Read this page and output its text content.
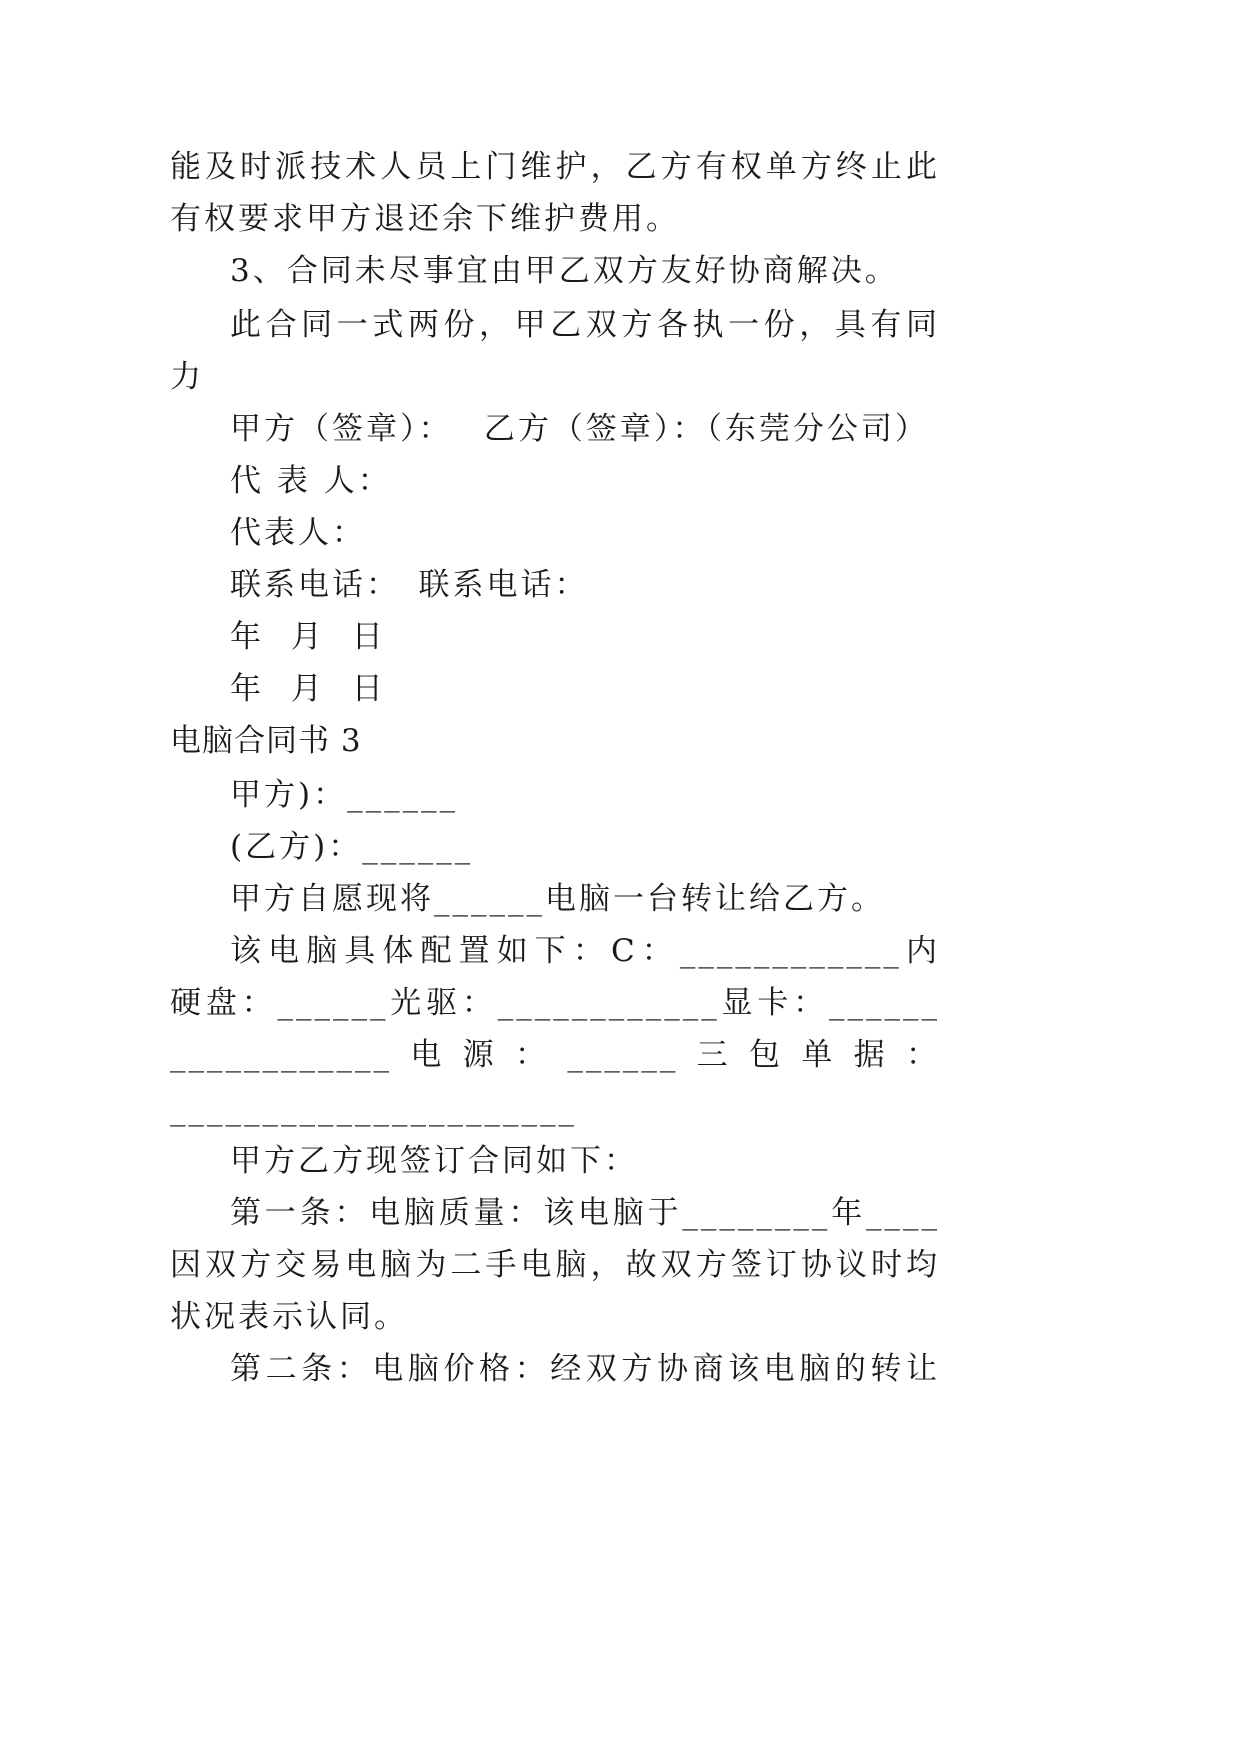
能及时派技术人员上门维护，乙方有权单方终止此
有权要求甲方退还余下维护费用。
3、合同未尽事宜由甲乙双方友好协商解决。
此合同一式两份，甲乙双方各执一份，具有同
力
甲方（签章）：　 乙方（签章）：（东莞分公司）
代 表 人：
代表人：
联系电话：　联系电话：
年 月 日
年 月 日
电脑合同书 3
甲方)：______
(乙方)：______
甲方自愿现将______电脑一台转让给乙方。
该电脑具体配置如下：C：____________内
硬盘：______光驱：____________显卡：______
____________电源：______三包单据：
______________________
甲方乙方现签订合同如下：
第一条：电脑质量：该电脑于________年____
因双方交易电脑为二手电脑，故双方签订协议时均
状况表示认同。
第二条：电脑价格：经双方协商该电脑的转让
